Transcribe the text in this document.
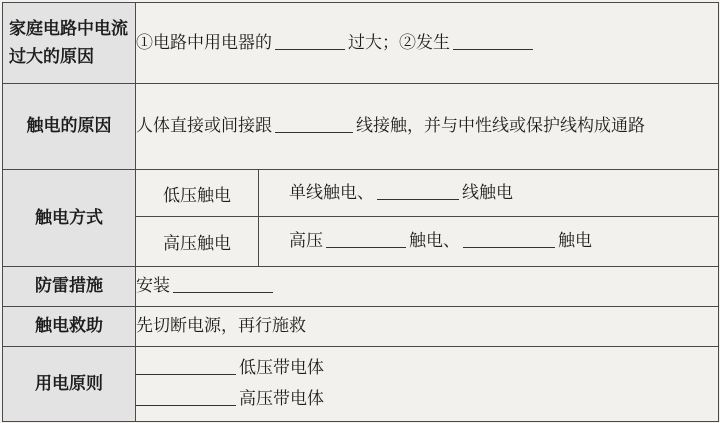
家庭电路中电流过大的原因	①电路中用电器的 过大；②发生	
触电的原因	人体直接或间接跟 线接触，并与中性线或保护线构成通路	
触电方式	低压触电	单线触电、 线触电
	高压触电	高压 触电、 触电
防雷措施	安装	
触电救助	先切断电源，再行施救	
用电原则	低压带电体
高压带电体	
